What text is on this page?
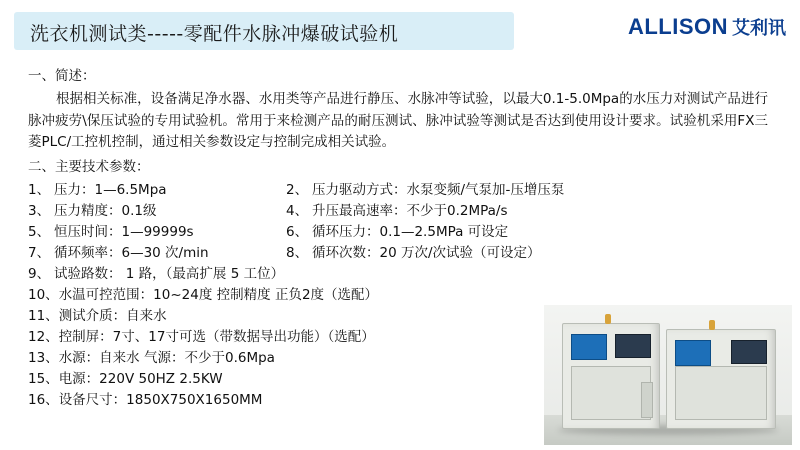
洗衣机测试类-----零配件水脉冲爆破试验机	ALLISON 艾利讯
一、简述：
根据相关标准，设备满足净水器、水用类等产品进行静压、水脉冲等试验，以最大0.1-5.0Mpa的水压力对测试产品进行脉冲疲劳\保压试验的专用试验机。常用于来检测产品的耐压测试、脉冲试验等测试是否达到使用设计要求。试验机采用FX三菱PLC/工控机控制，通过相关参数设定与控制完成相关试验。
二、主要技术参数：
1、 压力：1—6.5Mpa	2、 压力驱动方式：水泵变频/气泵加-压增压泵
3、 压力精度：0.1级	4、 升压最高速率：不少于0.2MPa/s
5、 恒压时间：1—99999s	6、 循环压力：0.1—2.5MPa 可设定
7、 循环频率：6—30 次/min	8、 循环次数：20 万次/次试验（可设定）
9、 试验路数： 1 路，（最高扩展 5 工位）
10、水温可控范围：10~24度 控制精度 正负2度（选配）
11、测试介质：自来水
12、控制屏：7寸、17寸可选（带数据导出功能）（选配）
13、水源：自来水 气源：不少于0.6Mpa
15、电源：220V 50HZ 2.5KW
16、设备尺寸：1850X750X1650MM
